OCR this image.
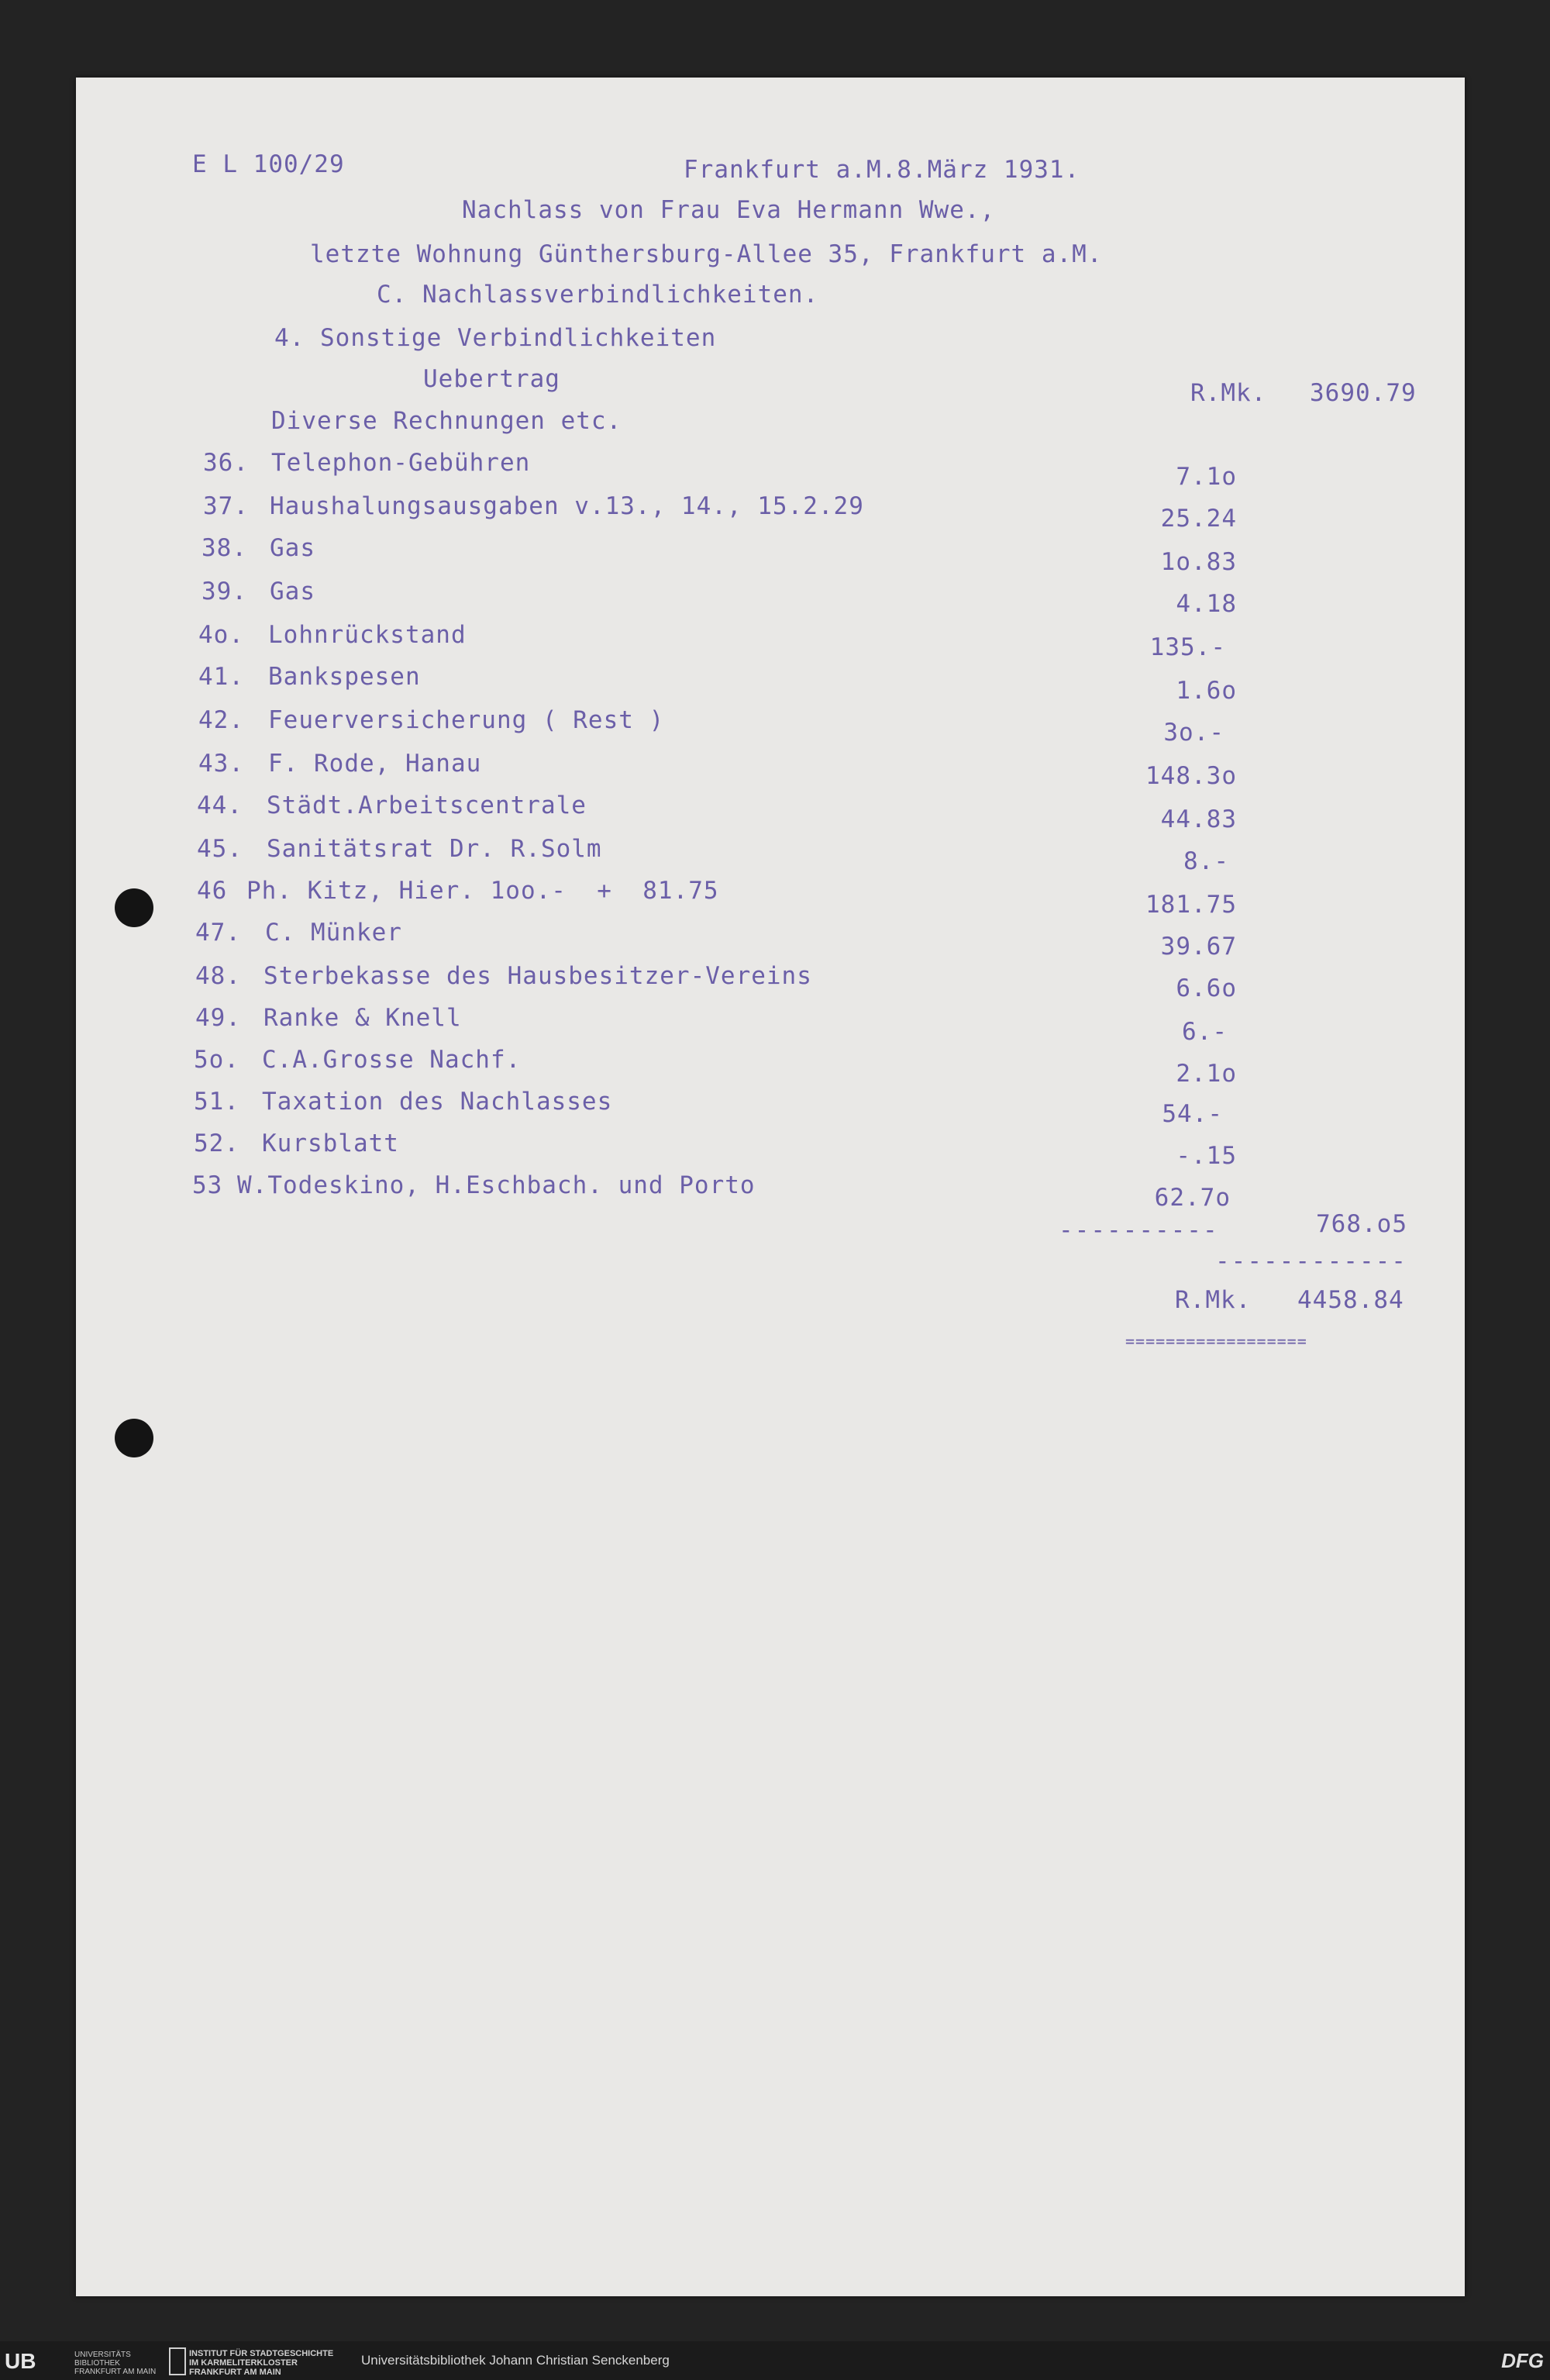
E L 100/29	Frankfurt a.M.8.März 1931.
Nachlass von Frau Eva Hermann Wwe.,
letzte Wohnung Günthersburg-Allee 35, Frankfurt a.M.
C. Nachlassverbindlichkeiten.
4. Sonstige Verbindlichkeiten
Uebertrag	R.Mk. 3690.79
Diverse Rechnungen etc.
36. Telephon-Gebühren	7.1o
37. Haushalungsausgaben v.13., 14., 15.2.29	25.24
38. Gas	1o.83
39. Gas	4.18
4o. Lohnrückstand	135.-
41. Bankspesen	1.6o
42. Feuerversicherung ( Rest )	3o.-
43. F. Rode, Hanau	148.3o
44. Städt.Arbeitscentrale	44.83
45. Sanitätsrat Dr. R.Solm	8.-
46 Ph. Kitz, Hier. 1oo.-  +  81.75	181.75
47. C. Münker	39.67
48. Sterbekasse des Hausbesitzer-Vereins	6.6o
49. Ranke & Knell	6.-
5o. C.A.Grosse Nachf.	2.1o
51. Taxation des Nachlasses	54.-
52. Kursblatt	-.15
53 W.Todeskino, H.Eschbach. und Porto	62.7o
----------	768.o5
------------
R.Mk. 4458.84
==================
UB	UNIVERSITÄTS BIBLIOTHEK FRANKFURT AM MAIN
INSTITUT FÜR STADTGESCHICHTE IM KARMELITERKLOSTER FRANKFURT AM MAIN
Universitätsbibliothek Johann Christian Senckenberg	DFG
